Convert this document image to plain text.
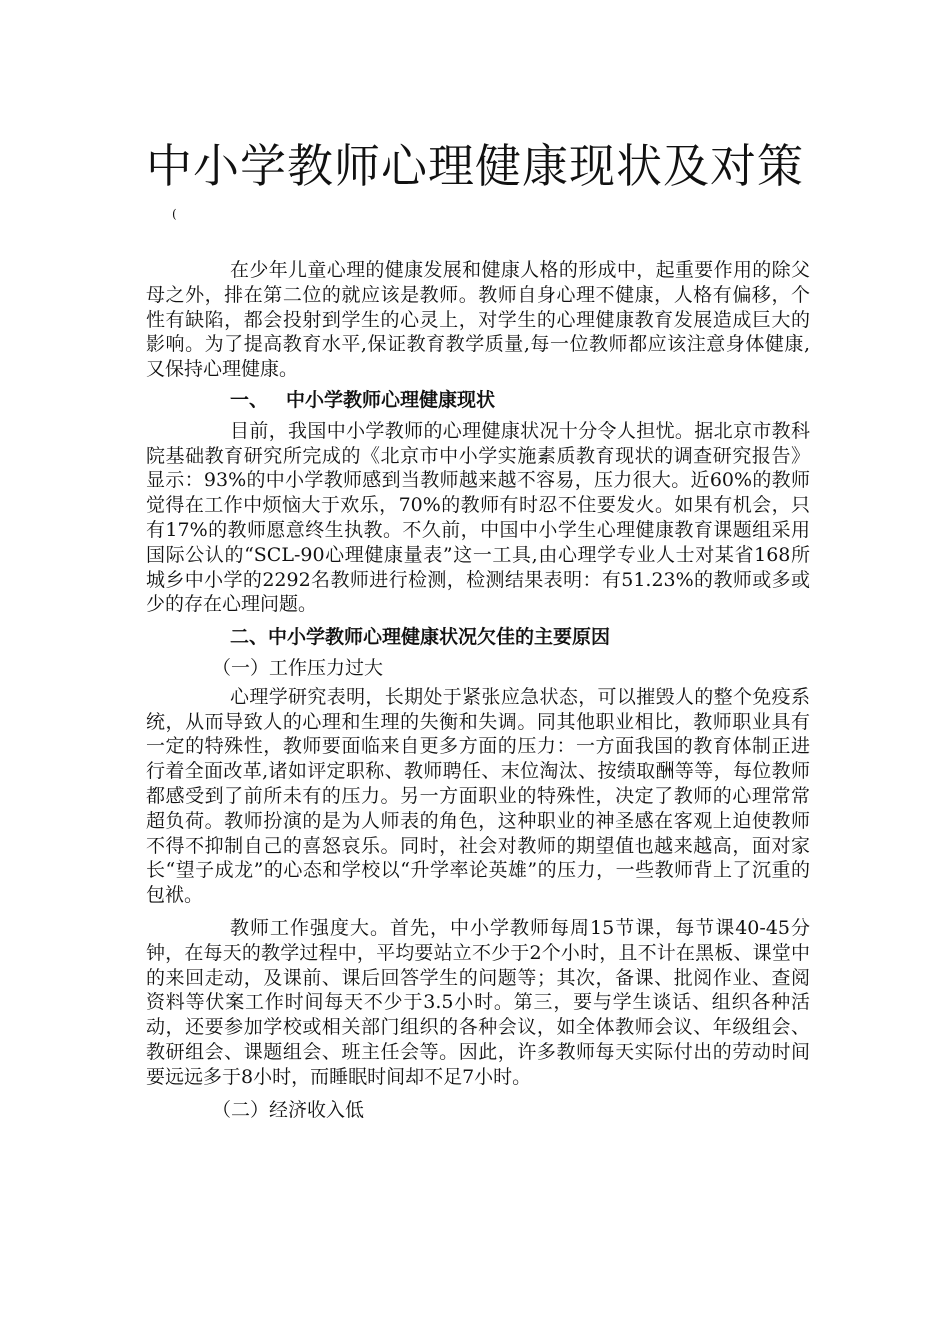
中小学教师心理健康现状及对策
(

在少年儿童心理的健康发展和健康人格的形成中，起重要作用的除父母之外，排在第二位的就应该是教师。教师自身心理不健康，人格有偏移，个性有缺陷，都会投射到学生的心灵上，对学生的心理健康教育发展造成巨大的影响。为了提高教育水平,保证教育教学质量,每一位教师都应该注意身体健康,又保持心理健康。

一、 中小学教师心理健康现状

目前，我国中小学教师的心理健康状况十分令人担忧。据北京市教科院基础教育研究所完成的《北京市中小学实施素质教育现状的调查研究报告》显示：93%的中小学教师感到当教师越来越不容易，压力很大。近60%的教师觉得在工作中烦恼大于欢乐，70%的教师有时忍不住要发火。如果有机会，只有17%的教师愿意终生执教。不久前，中国中小学生心理健康教育课题组采用国际公认的“SCL-90心理健康量表”这一工具,由心理学专业人士对某省168所城乡中小学的2292名教师进行检测，检测结果表明：有51.23%的教师或多或少的存在心理问题。

二、中小学教师心理健康状况欠佳的主要原因

（一）工作压力过大

心理学研究表明，长期处于紧张应急状态，可以摧毁人的整个免疫系统，从而导致人的心理和生理的失衡和失调。同其他职业相比，教师职业具有一定的特殊性，教师要面临来自更多方面的压力：一方面我国的教育体制正进行着全面改革,诸如评定职称、教师聘任、末位淘汰、按绩取酬等等，每位教师都感受到了前所未有的压力。另一方面职业的特殊性，决定了教师的心理常常超负荷。教师扮演的是为人师表的角色，这种职业的神圣感在客观上迫使教师不得不抑制自己的喜怒哀乐。同时，社会对教师的期望值也越来越高，面对家长“望子成龙”的心态和学校以“升学率论英雄”的压力，一些教师背上了沉重的包袱。

教师工作强度大。首先，中小学教师每周15节课，每节课40-45分钟，在每天的教学过程中，平均要站立不少于2个小时，且不计在黑板、课堂中的来回走动，及课前、课后回答学生的问题等；其次，备课、批阅作业、查阅资料等伏案工作时间每天不少于3.5小时。第三，要与学生谈话、组织各种活动，还要参加学校或相关部门组织的各种会议，如全体教师会议、年级组会、教研组会、课题组会、班主任会等。因此，许多教师每天实际付出的劳动时间要远远多于8小时，而睡眠时间却不足7小时。

（二）经济收入低
